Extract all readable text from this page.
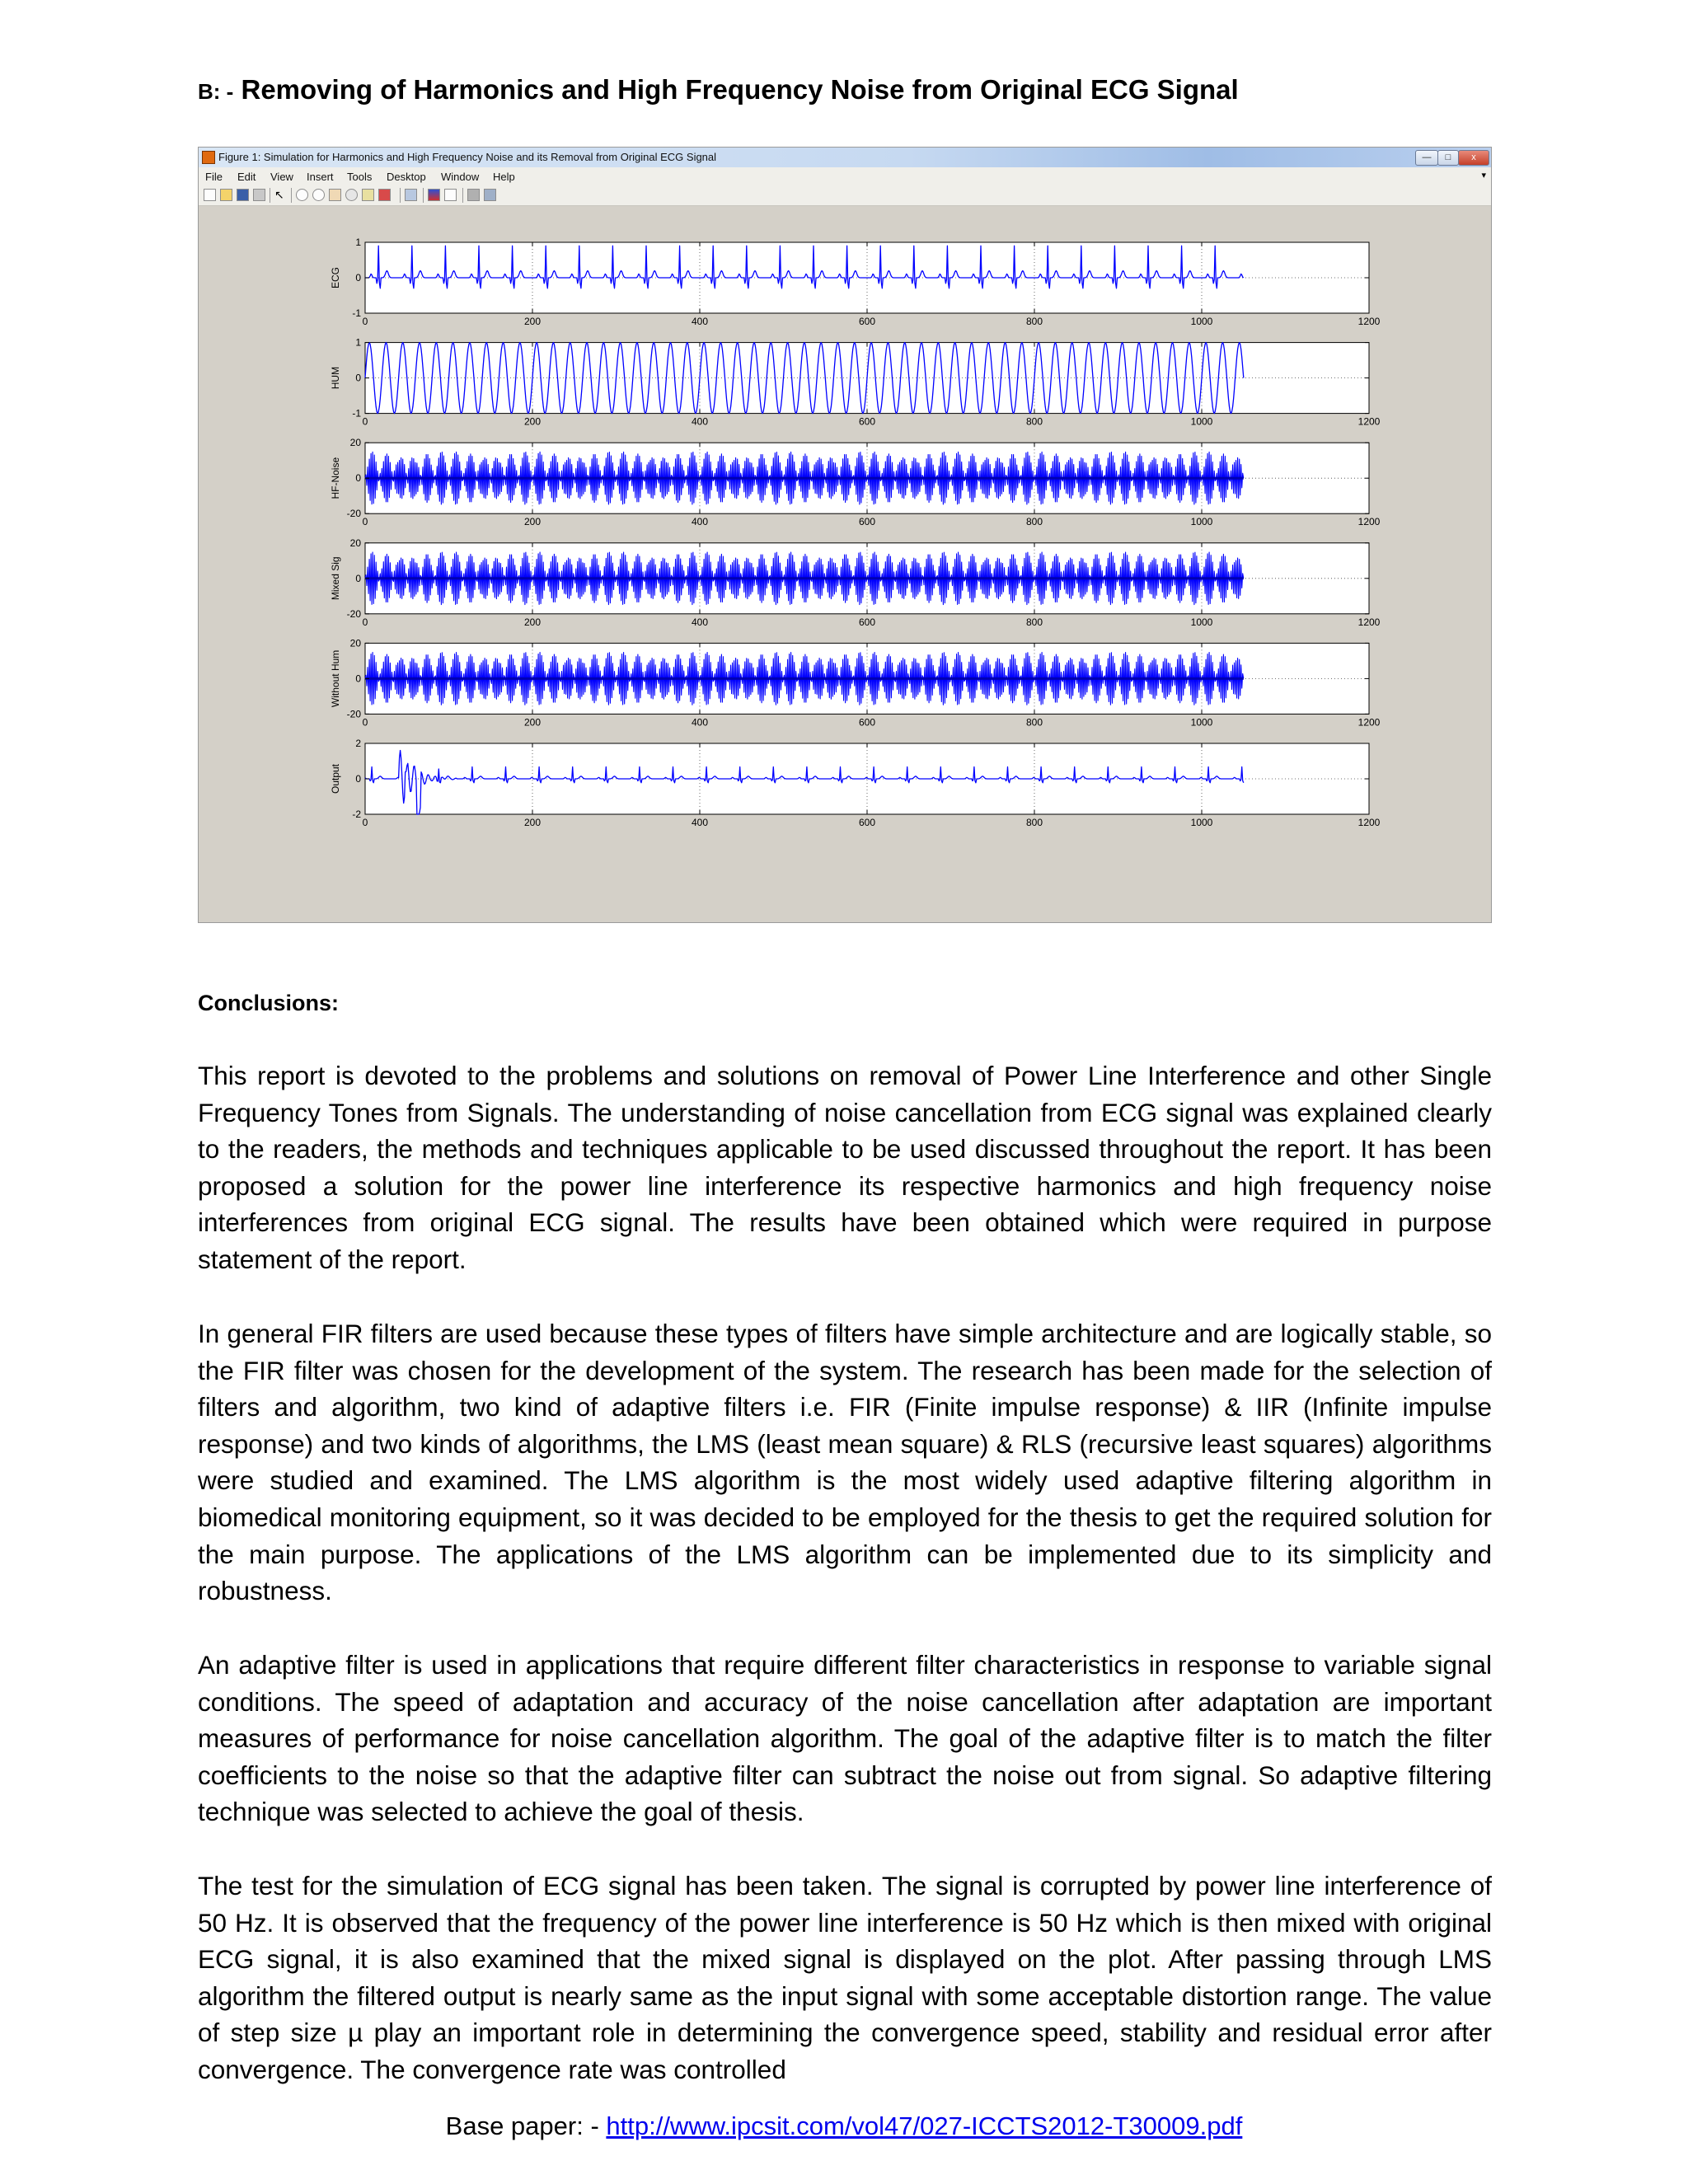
B: - Removing of Harmonics and High Frequency Noise from Original ECG Signal
Figure 1: Simulation for Harmonics and High Frequency Noise and its Removal from Original ECG Signal	—	□	x
File Edit View Insert Tools Desktop Window Help	▾
↖
0	200	400	600	800	1000	1200
-1
0
1
ECG
0	200	400	600	800	1000	1200
-1
0
1
HUM
0	200	400	600	800	1000	1200
-20
0
20
HF-Noise
0	200	400	600	800	1000	1200
-20
0
20
Mixed Sig
0	200	400	600	800	1000	1200
-20
0
20
Without Hum
0	200	400	600	800	1000	1200
-2
0
2
Output
Conclusions:
This report is devoted to the problems and solutions on removal of Power Line Interference and other Single Frequency Tones from Signals. The understanding of noise cancellation from ECG signal was explained clearly to the readers, the methods and techniques applicable to be used discussed throughout the report. It has been proposed a solution for the power line interference its respective harmonics and high frequency noise interferences from original ECG signal. The results have been obtained which were required in purpose statement of the report.
In general FIR filters are used because these types of filters have simple architecture and are logically stable, so the FIR filter was chosen for the development of the system. The research has been made for the selection of filters and algorithm, two kind of adaptive filters i.e. FIR (Finite impulse response) & IIR (Infinite impulse response) and two kinds of algorithms, the LMS (least mean square) & RLS (recursive least squares) algorithms were studied and examined. The LMS algorithm is the most widely used adaptive filtering algorithm in biomedical monitoring equipment, so it was decided to be employed for the thesis to get the required solution for the main purpose. The applications of the LMS algorithm can be implemented due to its simplicity and robustness.
An adaptive filter is used in applications that require different filter characteristics in response to variable signal conditions. The speed of adaptation and accuracy of the noise cancellation after adaptation are important measures of performance for noise cancellation algorithm. The goal of the adaptive filter is to match the filter coefficients to the noise so that the adaptive filter can subtract the noise out from signal. So adaptive filtering technique was selected to achieve the goal of thesis.
The test for the simulation of ECG signal has been taken. The signal is corrupted by power line interference of 50 Hz. It is observed that the frequency of the power line interference is 50 Hz which is then mixed with original ECG signal, it is also examined that the mixed signal is displayed on the plot. After passing through LMS algorithm the filtered output is nearly same as the input signal with some acceptable distortion range. The value of step size µ play an important role in determining the convergence speed, stability and residual error after convergence. The convergence rate was controlled
Base paper: - http://www.ipcsit.com/vol47/027-ICCTS2012-T30009.pdf
